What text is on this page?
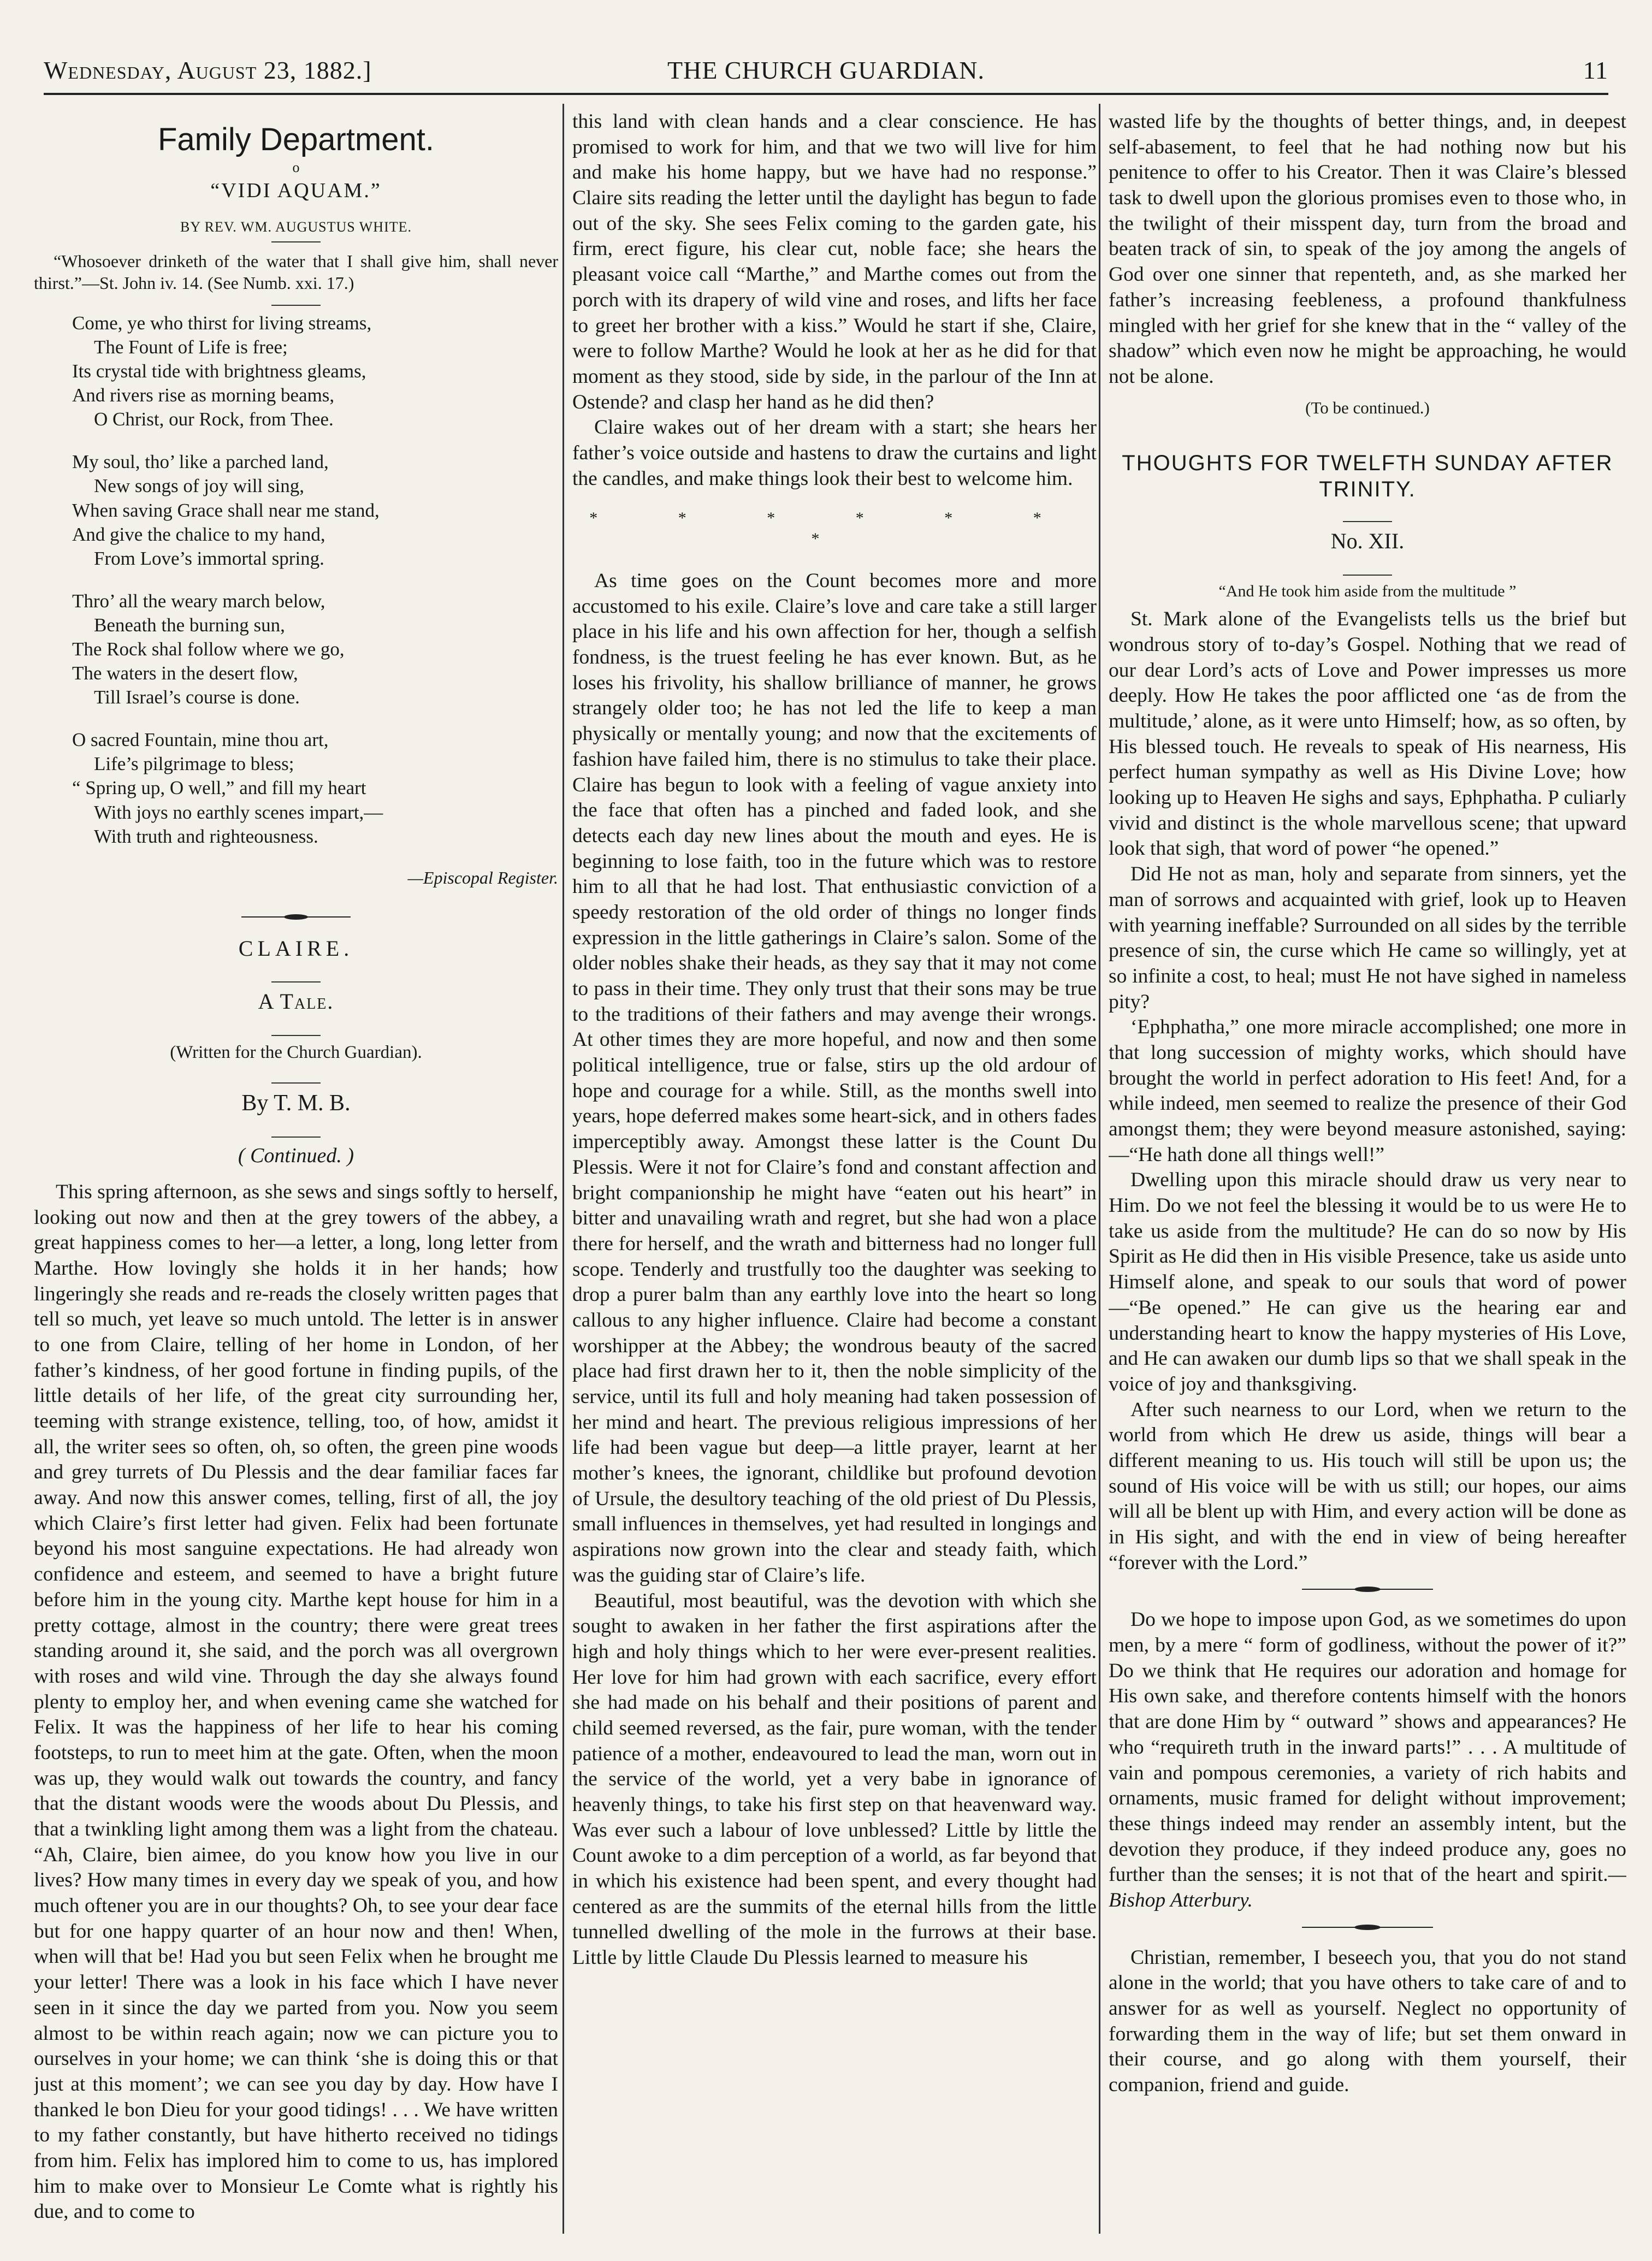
Wednesday, August 23, 1882.]	THE CHURCH GUARDIAN.	11
Family Department.
o
“VIDI AQUAM.”
BY REV. WM. AUGUSTUS WHITE.
“Whosoever drinketh of the water that I shall give him, shall never thirst.”—St. John iv. 14. (See Numb. xxi. 17.)
Come, ye who thirst for living streams,
The Fount of Life is free;
Its crystal tide with brightness gleams,
And rivers rise as morning beams,
O Christ, our Rock, from Thee.
My soul, tho’ like a parched land,
New songs of joy will sing,
When saving Grace shall near me stand,
And give the chalice to my hand,
From Love’s immortal spring.
Thro’ all the weary march below,
Beneath the burning sun,
The Rock shal follow where we go,
The waters in the desert flow,
Till Israel’s course is done.
O sacred Fountain, mine thou art,
Life’s pilgrimage to bless;
“ Spring up, O well,” and fill my heart
With joys no earthly scenes impart,—
With truth and righteousness.
—Episcopal Register.
CLAIRE.
A Tale.
(Written for the Church Guardian).
By T. M. B.
( Continued. )

This spring afternoon, as she sews and sings softly to herself, looking out now and then at the grey towers of the abbey, a great happiness comes to her—a letter, a long, long letter from Marthe. How lovingly she holds it in her hands; how lingeringly she reads and re-reads the closely written pages that tell so much, yet leave so much untold. The letter is in answer to one from Claire, telling of her home in London, of her father’s kindness, of her good fortune in finding pupils, of the little details of her life, of the great city surrounding her, teeming with strange existence, telling, too, of how, amidst it all, the writer sees so often, oh, so often, the green pine woods and grey turrets of Du Plessis and the dear familiar faces far away. And now this answer comes, telling, first of all, the joy which Claire’s first letter had given. Felix had been fortunate beyond his most sanguine expectations. He had already won confidence and esteem, and seemed to have a bright future before him in the young city. Marthe kept house for him in a pretty cottage, almost in the country; there were great trees standing around it, she said, and the porch was all overgrown with roses and wild vine. Through the day she always found plenty to employ her, and when evening came she watched for Felix. It was the happiness of her life to hear his coming footsteps, to run to meet him at the gate. Often, when the moon was up, they would walk out towards the country, and fancy that the distant woods were the woods about Du Plessis, and that a twinkling light among them was a light from the chateau. “Ah, Claire, bien aimee, do you know how you live in our lives? How many times in every day we speak of you, and how much oftener you are in our thoughts? Oh, to see your dear face but for one happy quarter of an hour now and then! When, when will that be! Had you but seen Felix when he brought me your letter! There was a look in his face which I have never seen in it since the day we parted from you. Now you seem almost to be within reach again; now we can picture you to ourselves in your home; we can think ‘she is doing this or that just at this moment’; we can see you day by day. How have I thanked le bon Dieu for your good tidings! . . . We have written to my father constantly, but have hitherto received no tidings from him. Felix has implored him to come to us, has implored him to make over to Monsieur Le Comte what is rightly his due, and to come to

this land with clean hands and a clear conscience. He has promised to work for him, and that we two will live for him and make his home happy, but we have had no response.” Claire sits reading the letter until the daylight has begun to fade out of the sky. She sees Felix coming to the garden gate, his firm, erect figure, his clear cut, noble face; she hears the pleasant voice call “Marthe,” and Marthe comes out from the porch with its drapery of wild vine and roses, and lifts her face to greet her brother with a kiss.” Would he start if she, Claire, were to follow Marthe? Would he look at her as he did for that moment as they stood, side by side, in the parlour of the Inn at Ostende? and clasp her hand as he did then?

Claire wakes out of her dream with a start; she hears her father’s voice outside and hastens to draw the curtains and light the candles, and make things look their best to welcome him.

* * * * * * *

As time goes on the Count becomes more and more accustomed to his exile. Claire’s love and care take a still larger place in his life and his own affection for her, though a selfish fondness, is the truest feeling he has ever known. But, as he loses his frivolity, his shallow brilliance of manner, he grows strangely older too; he has not led the life to keep a man physically or mentally young; and now that the excitements of fashion have failed him, there is no stimulus to take their place. Claire has begun to look with a feeling of vague anxiety into the face that often has a pinched and faded look, and she detects each day new lines about the mouth and eyes. He is beginning to lose faith, too in the future which was to restore him to all that he had lost. That enthusiastic conviction of a speedy restoration of the old order of things no longer finds expression in the little gatherings in Claire’s salon. Some of the older nobles shake their heads, as they say that it may not come to pass in their time. They only trust that their sons may be true to the traditions of their fathers and may avenge their wrongs. At other times they are more hopeful, and now and then some political intelligence, true or false, stirs up the old ardour of hope and courage for a while. Still, as the months swell into years, hope deferred makes some heart-sick, and in others fades imperceptibly away. Amongst these latter is the Count Du Plessis. Were it not for Claire’s fond and constant affection and bright companionship he might have “eaten out his heart” in bitter and unavailing wrath and regret, but she had won a place there for herself, and the wrath and bitterness had no longer full scope. Tenderly and trustfully too the daughter was seeking to drop a purer balm than any earthly love into the heart so long callous to any higher influence. Claire had become a constant worshipper at the Abbey; the wondrous beauty of the sacred place had first drawn her to it, then the noble simplicity of the service, until its full and holy meaning had taken possession of her mind and heart. The previous religious impressions of her life had been vague but deep—a little prayer, learnt at her mother’s knees, the ignorant, childlike but profound devotion of Ursule, the desultory teaching of the old priest of Du Plessis, small influences in themselves, yet had resulted in longings and aspirations now grown into the clear and steady faith, which was the guiding star of Claire’s life.

Beautiful, most beautiful, was the devotion with which she sought to awaken in her father the first aspirations after the high and holy things which to her were ever-present realities. Her love for him had grown with each sacrifice, every effort she had made on his behalf and their positions of parent and child seemed reversed, as the fair, pure woman, with the tender patience of a mother, endeavoured to lead the man, worn out in the service of the world, yet a very babe in ignorance of heavenly things, to take his first step on that heavenward way. Was ever such a labour of love unblessed? Little by little the Count awoke to a dim perception of a world, as far beyond that in which his existence had been spent, and every thought had centered as are the summits of the eternal hills from the little tunnelled dwelling of the mole in the furrows at their base. Little by little Claude Du Plessis learned to measure his

wasted life by the thoughts of better things, and, in deepest self-abasement, to feel that he had nothing now but his penitence to offer to his Creator. Then it was Claire’s blessed task to dwell upon the glorious promises even to those who, in the twilight of their misspent day, turn from the broad and beaten track of sin, to speak of the joy among the angels of God over one sinner that repenteth, and, as she marked her father’s increasing feebleness, a profound thankfulness mingled with her grief for she knew that in the “ valley of the shadow” which even now he might be approaching, he would not be alone.

(To be continued.)
THOUGHTS FOR TWELFTH SUNDAY AFTER TRINITY.
No. XII.
“And He took him aside from the multitude ”

St. Mark alone of the Evangelists tells us the brief but wondrous story of to-day’s Gospel. Nothing that we read of our dear Lord’s acts of Love and Power impresses us more deeply. How He takes the poor afflicted one ‘as de from the multitude,’ alone, as it were unto Himself; how, as so often, by His blessed touch. He reveals to speak of His nearness, His perfect human sympathy as well as His Divine Love; how looking up to Heaven He sighs and says, Ephphatha. P culiarly vivid and distinct is the whole marvellous scene; that upward look that sigh, that word of power “he opened.”

Did He not as man, holy and separate from sinners, yet the man of sorrows and acquainted with grief, look up to Heaven with yearning ineffable? Surrounded on all sides by the terrible presence of sin, the curse which He came so willingly, yet at so infinite a cost, to heal; must He not have sighed in nameless pity?

‘Ephphatha,” one more miracle accomplished; one more in that long succession of mighty works, which should have brought the world in perfect adoration to His feet! And, for a while indeed, men seemed to realize the presence of their God amongst them; they were beyond measure astonished, saying:—“He hath done all things well!”

Dwelling upon this miracle should draw us very near to Him. Do we not feel the blessing it would be to us were He to take us aside from the multitude? He can do so now by His Spirit as He did then in His visible Presence, take us aside unto Himself alone, and speak to our souls that word of power—“Be opened.” He can give us the hearing ear and understanding heart to know the happy mysteries of His Love, and He can awaken our dumb lips so that we shall speak in the voice of joy and thanksgiving.

After such nearness to our Lord, when we return to the world from which He drew us aside, things will bear a different meaning to us. His touch will still be upon us; the sound of His voice will be with us still; our hopes, our aims will all be blent up with Him, and every action will be done as in His sight, and with the end in view of being hereafter “forever with the Lord.”

Do we hope to impose upon God, as we sometimes do upon men, by a mere “ form of godliness, without the power of it?” Do we think that He requires our adoration and homage for His own sake, and therefore contents himself with the honors that are done Him by “ outward ” shows and appearances? He who “requireth truth in the inward parts!” . . . A multitude of vain and pompous ceremonies, a variety of rich habits and ornaments, music framed for delight without improvement; these things indeed may render an assembly intent, but the devotion they produce, if they indeed produce any, goes no further than the senses; it is not that of the heart and spirit.—Bishop Atterbury.

Christian, remember, I beseech you, that you do not stand alone in the world; that you have others to take care of and to answer for as well as yourself. Neglect no opportunity of forwarding them in the way of life; but set them onward in their course, and go along with them yourself, their companion, friend and guide.
